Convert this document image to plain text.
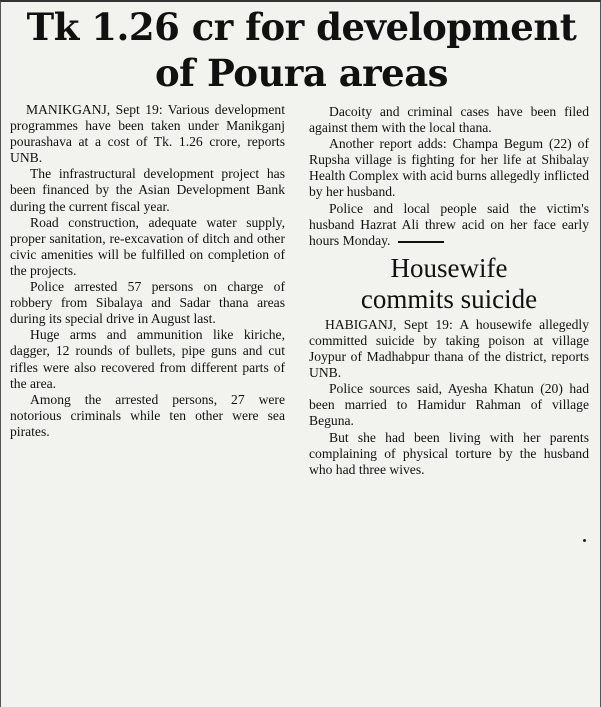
Tk 1.26 cr for development
of Poura areas

MANIKGANJ, Sept 19: Various development programmes have been taken under Manikganj pourashava at a cost of Tk. 1.26 crore, reports UNB.

The infrastructural development project has been financed by the Asian Development Bank during the current fiscal year.

Road construction, adequate water supply, proper sanitation, re-excavation of ditch and other civic amenities will be fulfilled on completion of the projects.

Police arrested 57 persons on charge of robbery from Sibalaya and Sadar thana areas during its special drive in August last.

Huge arms and ammunition like kiriche, dagger, 12 rounds of bullets, pipe guns and cut rifles were also recovered from different parts of the area.

Among the arrested persons, 27 were notorious criminals while ten other were sea pirates.

Dacoity and criminal cases have been filed against them with the local thana.

Another report adds: Champa Begum (22) of Rupsha village is fighting for her life at Shibalay Health Complex with acid burns allegedly inflicted by her husband.

Police and local people said the victim's husband Hazrat Ali threw acid on her face early hours Monday.

Housewife
commits suicide

HABIGANJ, Sept 19: A housewife allegedly committed suicide by taking poison at village Joypur of Madhabpur thana of the district, reports UNB.

Police sources said, Ayesha Khatun (20) had been married to Hamidur Rahman of village Beguna.

But she had been living with her parents complaining of physical torture by the husband who had three wives.
